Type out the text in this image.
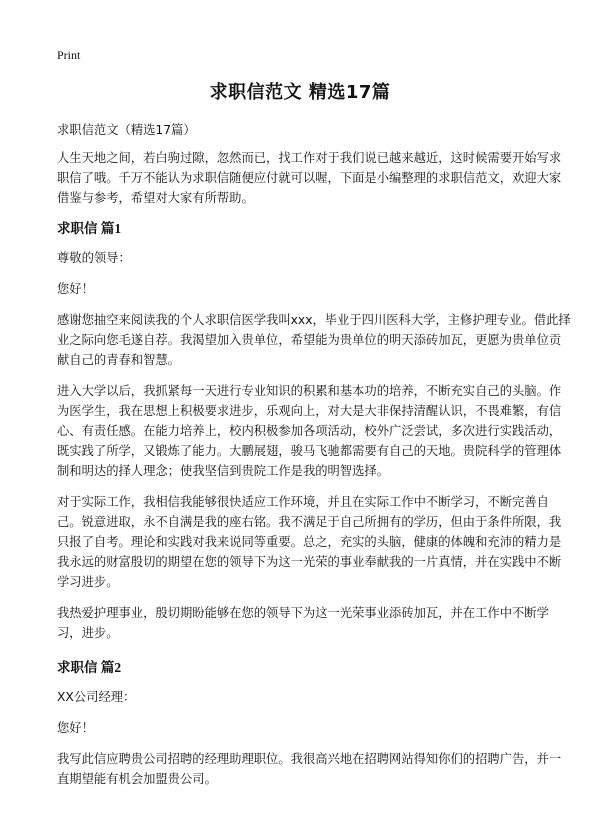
Print
求职信范文 精选17篇

求职信范文（精选17篇）

人生天地之间，若白驹过隙，忽然而已，找工作对于我们说已越来越近，这时候需要开始写求职信了哦。千万不能认为求职信随便应付就可以喔，下面是小编整理的求职信范文，欢迎大家借鉴与参考，希望对大家有所帮助。

求职信 篇1

尊敬的领导：

您好！

感谢您抽空来阅读我的个人求职信医学我叫xxx，毕业于四川医科大学，主修护理专业。借此择业之际向您毛遂自荐。我渴望加入贵单位，希望能为贵单位的明天添砖加瓦，更愿为贵单位贡献自己的青春和智慧。

进入大学以后，我抓紧每一天进行专业知识的积累和基本功的培养，不断充实自己的头脑。作为医学生，我在思想上积极要求进步，乐观向上，对大是大非保持清醒认识，不畏难繁，有信心、有责任感。在能力培养上，校内积极参加各项活动，校外广泛尝试，多次进行实践活动，既实践了所学，又锻炼了能力。大鹏展翅，骏马飞驰都需要有自己的天地。贵院科学的管理体制和明达的择人理念；使我坚信到贵院工作是我的明智选择。

对于实际工作，我相信我能够很快适应工作环境，并且在实际工作中不断学习，不断完善自己。锐意进取，永不自满是我的座右铭。我不满足于自己所拥有的学历，但由于条件所限，我只报了自考。理论和实践对我来说同等重要。总之，充实的头脑，健康的体魄和充沛的精力是我永远的财富殷切的期望在您的领导下为这一光荣的事业奉献我的一片真情，并在实践中不断学习进步。

我热爱护理事业，殷切期盼能够在您的领导下为这一光荣事业添砖加瓦，并在工作中不断学习，进步。

求职信 篇2

XX公司经理：

您好！

我写此信应聘贵公司招聘的经理助理职位。我很高兴地在招聘网站得知你们的招聘广告，并一直期望能有机会加盟贵公司。
